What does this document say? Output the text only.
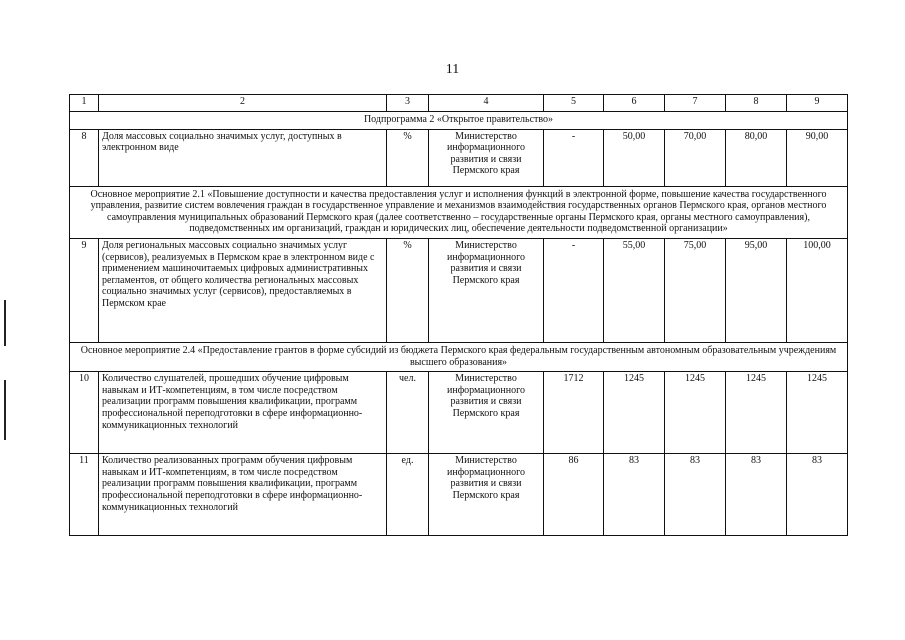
11
1	2	3	4	5	6	7	8	9
Подпрограмма 2 «Открытое правительство»								
8	Доля массовых социально значимых услуг, доступных в электронном виде	%	Министерство информационного развития и связи Пермского края	-	50,00	70,00	80,00	90,00
Основное мероприятие 2.1 «Повышение доступности и качества предоставления услуг и исполнения функций в электронной форме, повышение качества государственного управления, развитие систем вовлечения граждан в государственное управление и механизмов взаимодействия государственных органов Пермского края, органов местного самоуправления муниципальных образований Пермского края (далее соответственно – государственные органы Пермского края, органы местного самоуправления), подведомственных им организаций, граждан и юридических лиц, обеспечение деятельности подведомственной организации»								
9	Доля региональных массовых социально значимых услуг (сервисов), реализуемых в Пермском крае в электронном виде с применением машиночитаемых цифровых административных регламентов, от общего количества региональных массовых социально значимых услуг (сервисов), предоставляемых в Пермском крае	%	Министерство информационного развития и связи Пермского края	-	55,00	75,00	95,00	100,00
Основное мероприятие 2.4 «Предоставление грантов в форме субсидий из бюджета Пермского края федеральным государственным автономным образовательным учреждениям высшего образования»								
10	Количество слушателей, прошедших обучение цифровым навыкам и ИТ-компетенциям, в том числе посредством реализации программ повышения квалификации, программ профессиональной переподготовки в сфере информационно-коммуникационных технологий	чел.	Министерство информационного развития и связи Пермского края	1712	1245	1245	1245	1245
11	Количество реализованных программ обучения цифровым навыкам и ИТ-компетенциям, в том числе посредством реализации программ повышения квалификации, программ профессиональной переподготовки в сфере информационно-коммуникационных технологий	ед.	Министерство информационного развития и связи Пермского края	86	83	83	83	83
